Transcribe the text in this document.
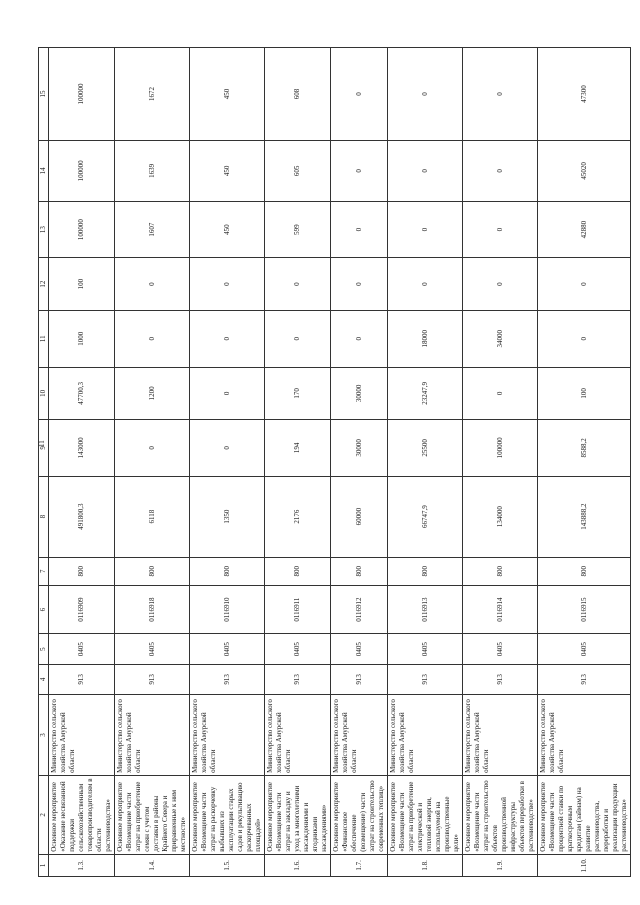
11
1	2	3	4	5	6	7	8	9	10	11	12	13	14	15
1.3.	Основное мероприятие «Оказание несвязанной поддержки сельскохозяйственным товаропроизводителям в области растениеводства»	Министерство сельского хозяйства Амурской области	913	0405	0116909	800	491800,3	143000	47700,3	1000	100	100000	100000	100000
1.4.	Основное мероприятие «Возмещение части затрат на приобретение семян с учетом доставки в районы Крайнего Севера и приравненные к ним местности»	Министерство сельского хозяйства Амурской области	913	0405	0116918	800	6118	0	1200	0	0	1607	1639	1672
1.5.	Основное мероприятие «Возмещение части затрат на раскорчевку выбывших из эксплуатации старых садов и рекультивацию раскорчеванных площадей»	Министерство сельского хозяйства Амурской области	913	0405	0116910	800	1350	0	0	0	0	450	450	450
1.6.	Основное мероприятие «Возмещение части затрат на закладку и уход за многолетними насаждениями и ягодниками насаждениями»	Министерство сельского хозяйства Амурской области	913	0405	0116911	800	2176	194	170	0	0	599	605	608
1.7.	Основное мероприятие «Финансовое обеспечение (возмещение) части затрат на строительство современных теплиц»	Министерство сельского хозяйства Амурской области	913	0405	0116912	800	60000	30000	30000	0	0	0	0	0
1.8.	Основное мероприятие «Возмещение части затрат на приобретение электрической и тепловой энергии, используемой на производственные цели»	Министерство сельского хозяйства Амурской области	913	0405	0116913	800	66747,9	25500	23247,9	18000	0	0	0	0
1.9.	Основное мероприятие «Возмещение части затрат на строительство объектов производственной инфраструктуры объектов переработки в растениеводстве»	Министерство сельского хозяйства Амурской области	913	0405	0116914	800	134000	100000	0	34000	0	0	0	0
1.10.	Основное мероприятие «Возмещение части процентной ставки по краткосрочным кредитам (займам) на развитие растениеводства, переработки и реализации продукции растениеводства»	Министерство сельского хозяйства Амурской области	913	0405	0116915	800	143888,2	8588,2	100	0	0	42880	45020	47300
